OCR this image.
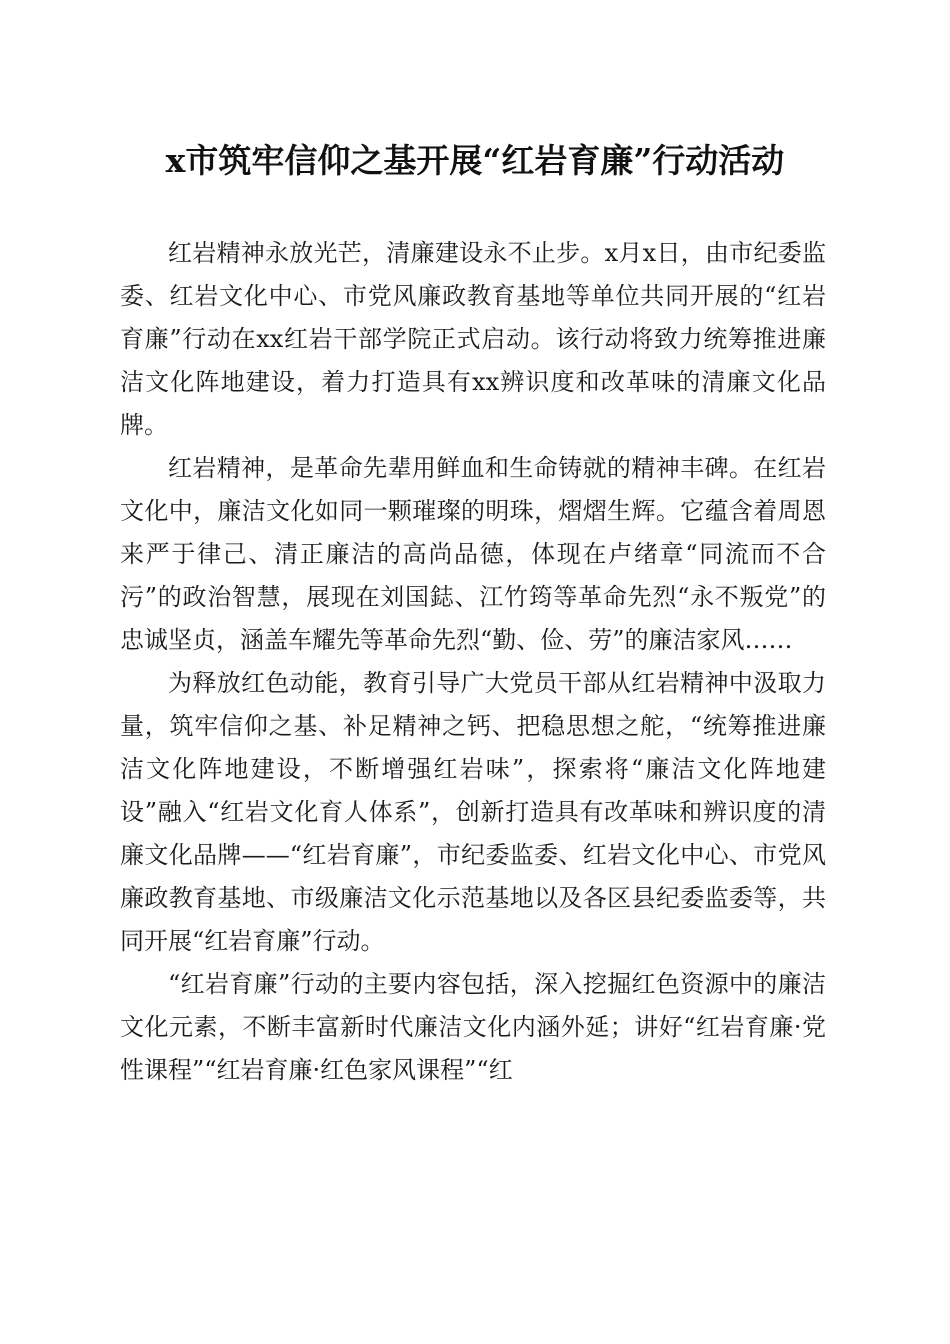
x市筑牢信仰之基开展“红岩育廉”行动活动

红岩精神永放光芒，清廉建设永不止步。x月x日，由市纪委监委、红岩文化中心、市党风廉政教育基地等单位共同开展的“红岩育廉”行动在xx红岩干部学院正式启动。该行动将致力统筹推进廉洁文化阵地建设，着力打造具有xx辨识度和改革味的清廉文化品牌。

红岩精神，是革命先辈用鲜血和生命铸就的精神丰碑。在红岩文化中，廉洁文化如同一颗璀璨的明珠，熠熠生辉。它蕴含着周恩来严于律己、清正廉洁的高尚品德，体现在卢绪章“同流而不合污”的政治智慧，展现在刘国鋕、江竹筠等革命先烈“永不叛党”的忠诚坚贞，涵盖车耀先等革命先烈“勤、俭、劳”的廉洁家风……

为释放红色动能，教育引导广大党员干部从红岩精神中汲取力量，筑牢信仰之基、补足精神之钙、把稳思想之舵，“统筹推进廉洁文化阵地建设，不断增强红岩味”，探索将“廉洁文化阵地建设”融入“红岩文化育人体系”，创新打造具有改革味和辨识度的清廉文化品牌——“红岩育廉”，市纪委监委、红岩文化中心、市党风廉政教育基地、市级廉洁文化示范基地以及各区县纪委监委等，共同开展“红岩育廉”行动。

“红岩育廉”行动的主要内容包括，深入挖掘红色资源中的廉洁文化元素，不断丰富新时代廉洁文化内涵外延；讲好“红岩育廉·党性课程”“红岩育廉·红色家风课程”“红
